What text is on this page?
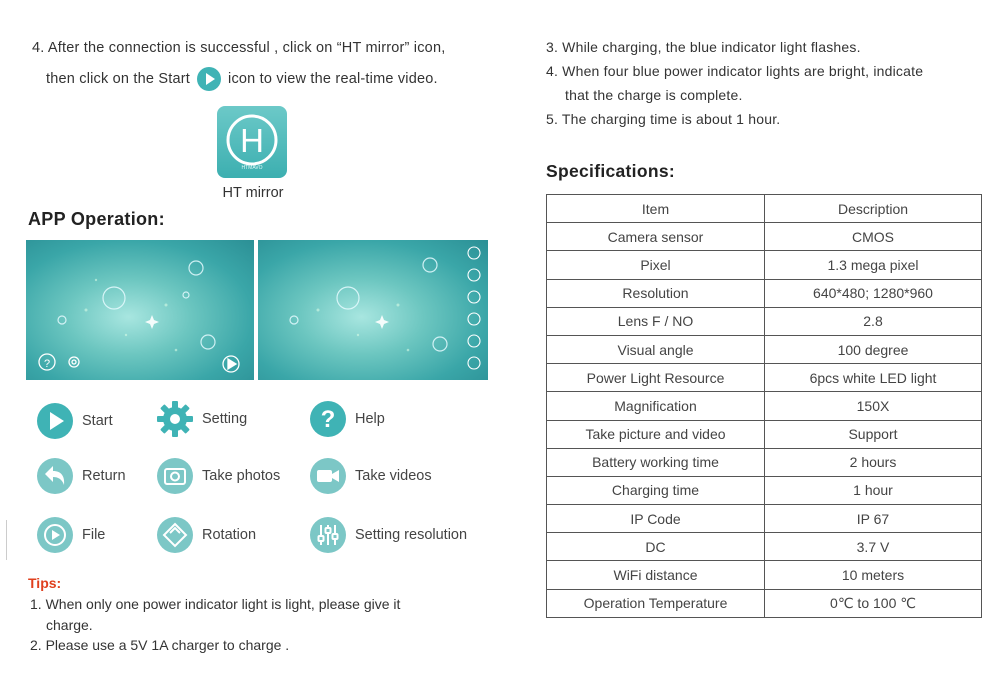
4. After the connection is successful , click on “HT mirror” icon,
then click on the Start	icon to view the real-time video.
H
HTMAVO
HT mirror
APP Operation:
?
Start	Setting	? Help
Return	Take photos	Take videos
File	Rotation	Setting resolution
Tips:
1. When only one power indicator light is light, please give it
charge.
2. Please use a 5V 1A charger to charge .
3. While charging, the blue indicator light flashes.
4. When four blue power indicator lights are bright, indicate
that the charge is complete.
5. The charging time is about 1 hour.
Specifications:
Item	Description
Camera sensor	CMOS
Pixel	1.3 mega pixel
Resolution	640*480; 1280*960
Lens F / NO	2.8
Visual angle	100 degree
Power Light Resource	6pcs white LED light
Magnification	150X
Take picture and video	Support
Battery working time	2 hours
Charging time	1 hour
IP Code	IP 67
DC	3.7 V
WiFi distance	10 meters
Operation Temperature	0℃ to 100 ℃
